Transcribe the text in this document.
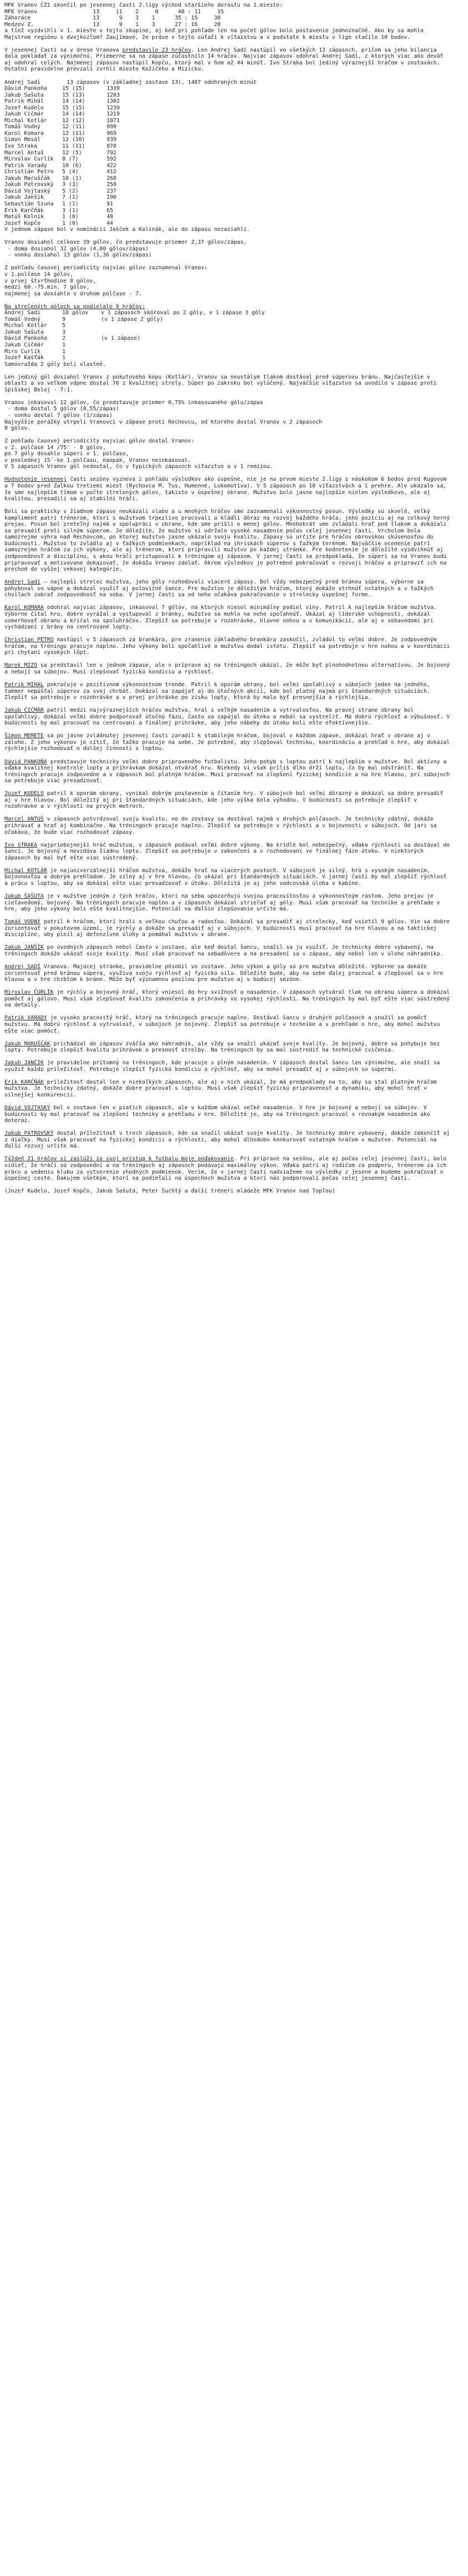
MFK Vranov CZ1 skončil po jesennej časti 2.ligy východ staršieho dorastu na 1.mieste:
MFK Vranov                 13     11    2     0      48 : 11     35
Záhoráce                   13      9    3    1      35 : 15     30
Medzev Z.                  13      9    1    3      27 : 16     28
a tiež vyzdvihli v 1. mieste v tejto skupine, aj keď pri pohľade len na počet gólov bolo postavenie jednoznačné. Ako by sa mohlo
Majstrom regiónu s dvojkozľom? Zaujímavé, že práve v tejto súťaži k víťazstvu a v podstate k miestu v lige stačilo 10 bodov.
V jesennej časti sa v drese Vranova predstavilo 23 hráčov. Len Andrej Sadí nastúpil vo všetkých 13 zápasoch, pričom sa jeho bilancia dala pokladať za výnimočnú. Priemerne sa na zápase zúčastnilo 14 hráčov. Najviac zápasov odohral Andrej Sadí, z ktorých viac ako deväť aj odohral celých. Najmenej zápasov nastúpil Kopčo, ktorý mal v ňom až 44 minút. Ivo Straka bol jediný výraznejší hráčom v zostavách. Ostatní pravidelne prevzali zvrhlí miesto Kožičeho a Mizicku.
Andrej Sadí        13 zápasov (v základnej zostave 13), 1407 odohraných minút
Dávid Pankoňa	15 (15)	1339
Jakub Šašuta	15 (13)	1203
Patrik Mihál	14 (14)	1302
Jozef Kudelo	15 (15)	1239
Jakub Čičmár	14 (14)	1219
Michal Kotlár	12 (12)	1071
Tomáš Vodný	12 (11)	990
Karol Komara	12 (11)	969
Šimon Mesáľ	12 (10)	939
Ivo Straka	11 (11)	870
Marcel Antuš	12 (5)	792
Miroslav Čurlík 8 (7)	592
Patrik Varady	10 (6)	422
Christián Petro 5 (4)	412
Jakub Maruščák 10 (1)	268
Jakub Patrovský 3 (3)	258
Dávid Vojtaský 5 (2)	237
Jakub Janšík	7 (1)	190
Sebastián Szuna 1 (1)	91
Erik Karčňák	3 (1)	65
Matúš Kolník	1 (0)	48
Jozef Kopčo	1 (0)	44
V jednom zápase bol v nominácii Jašček a Kalinák, ale do zápasu nezasiahli.
Vranov dosiahol celkove 39 gólov, čo predstavuje priemer 2,37 gólov/zápas,
- doma dosiahol 32 gólov (4,00 gólov/zápas)
- vonku dosiahol 13 gólov (1,36 gólov/zápas)
Z pohľadu časovej periodicity najviac gólov zaznamenal Vranov:
v 1.polčase 14 gólov,
v prvej štvrťhodine 8 gólov,
medzi 60.-75.min. 7 gólov,
najmenej sa dosiahlo v druhom polčase - 7.
Na strelených góloch sa podielalo 9 hráčov:
Andrej Sadí	18 gólov v 1 zápasoch skóroval po 2 góly, v 1 zápase 3 góly
Tomáš Vodný	9	(v 1 zápase 2 góly)
Michal Kotlár	5
Jakub Šašuta	3
Dávid Pankoňa	2	(v 1 zápase)
Jakub Čičmár	1
Miro Čurlík	1
Jozef Kašťák	1
Samovražda 2 góly boli vlastné.
Len jediný gól dosiahol Vranov z pokutového kopu (Kotlár). Vranov sa neustálym tlakom dostával pred súperovu bránu. Najčastejšie v oblasti a vo veľkom vápne dostal 70 z kvalitnej strely. Súper po zákroku bol vylúčený. Najväčšie víťazstvo sa uvodilo v zápase proti Spišskej Belej - 7:1.
Vranov inkasoval 12 gólov, čo predstavuje priemer 0,75% inkasovaného gólu/zápas
- doma dostal 5 gólov (0,55/zápas)
- vonku dostal 7 gólov (1/zápas)
Najvyššie porážky utrpeli Vranovci v zápase proti Rechovcu, od ktorého dostal Vranov v 2 zápasoch
8 gólov.
Z pohľadu časovej periodicity najviac gólov dostal Vranov:
v 2. polčase 14 /75' - 8 gólov,
po 7 góly dosahlo súperi v 1. polčase,
v poslednej 15´-ke 1.polčasu, naopak, Vranov neinkasoval.
V 5 zápasoch Vranov gól nedostal, čo v typických zápasoch víťazstvo a v 1 remízou.
Hodnotenie jesennej časti sezóny vyzneva z pohľadu výsledkov ako úspešne, nie je na prvom mieste 2.ligy s náskokom 6 bodov pred Rugovom a 7 bodov pred Zalkou tretiemi miest (Rychovca M. Tus, Humenné, Lokomotíva). V 5 zápasoch po 10 víťazstvách a 1 prehre. Ale ukázalo sa, že sme najlepším tímom v počte strelených gólov, takisto v úspešnej obrane. Mužstvo bolo jasne najlepšie nielen výsledkovo, ale aj kvalitou, presadili sa aj stabilní hráči.
Boli sa prakticky v žiadnom zápase neukázali slabo a u mnohých hráčov sme zaznamenali výkonnostný posun. Výsledky sú skvelé, veľký kompliment patrí trénerom, ktorí s mužstvom trpezlivo pracovali a kládli dôraz na rozvoj každého hráča, jeho pozíciu aj na celkový herný prejav. Posun bol zreteľný najmä v spolupráci v obrane, kde sme prišli o menej gólov. Mnohokrát sme zvládali hrať pod tlakom a dokázali sa presadiť proti silným súperom. Je dôležité, že mužstvo si udržalo vysoké nasadenie počas celej jesennej časti. Vrcholom bola samozrejme výhra nad Rechovcom, po ktorej mužstvo jasne ukázalo svoju kvalitu. Zápasy sú určite pre hráčov obrovskou skúsenosťou do budúcnosti. Mužstvo to zvládlo aj v ťažkých podmienkach, napríklad na ihriskách súperov s ťažkým terénom. Najväčšie ocenenie patrí samozrejme hráčom za ich výkony, ale aj trénerom, ktorí pripravili mužstvo po každej stránke. Pre hodnotenie je dôležité vyzdvihnúť aj zodpovednosť a disciplínu, s akou hráči pristupovali k tréningom aj zápasom. V jarnej časti sa predpokladá, že súperi sa na Vranov budú pripravovať a motivovane dokazovať, že dokážu Vranov zdolať. Okrem výsledkov je potrebné pokračovať v rozvoji hráčov a pripraviť ich na prechod do vyššej vekovej kategórie.
Andrej Sadí – najlepší strelec mužstva, jeho góly rozhodovali viaceré zápasy. Bol vždy nebezpečný pred bránou súpera, výborne sa pohyboval vo vápne a dokázal využiť aj polovičné šance. Pre mužstvo je dôležitým hráčom, ktorý dokáže strhnúť ostatných a v ťažkých chvíľach zobrať zodpovednosť na seba. V jarnej časti sa od neho očakáva pokračovanie v strelecky úspešnej forme.
Karol KOMARA odohral najviac zápasov, inkasoval 7 gólov, na ktorých niesol minimálny podiel viny. Patril k najlepším hráčom mužstva. Výborne čítal hru, dobre vyrážal a vystupoval z bránky, mužstvo sa mohlo na neho spoľahnúť. Ukázal aj líderské schopnosti, dokázal usmerňovať obranu a kričal na spoluhráčov. Zlepšiť sa potrebuje v rozohrávke, hlavne nohou a v komunikácii, ale aj v sebavedomí pri vychádzaní z brány na centrované lopty.
Christian PETRO nastúpil v 5 zápasoch za brankára, pre zranenie základného brankára zaskočil, zvládol to veľmi dobre. Je zodpovedným hráčom, na tréningu pracuje naplno. Jeho výkony boli spoľahlivé a mužstvu dodal istotu. Zlepšiť sa potrebuje v hre nohou a v koordinácii pri chytaní vysokých lôpt.
Marek MIZO sa predstavil len v jednom zápase, ale v príprave aj na tréningoch ukázal, že môže byť plnohodnotnou alternatívou. Je bojovný a nebojí sa súbojov. Musí zlepšovať fyzickú kondíciu a rýchlosť.
Patrik MIHAL pokračuje v pozitívnom výkonnostnom trende. Patril k oporám obrany, bol veľmi spoľahlivý v súbojoch jeden na jedného, takmer nepúšťal súperov za svoj chrbát. Dokázal sa zapájať aj do útočných akcií, kde bol platný najmä pri štandardných situáciách. Zlepšiť sa potrebuje v rozohrávke a v prvej prihrávke po zisku lopty, ktorá by mala byť presnejšia a rýchlejšia.
Jakub ČIČMÁR patril medzi najvýraznejších hráčov mužstva, hral s veľkým nasadením a vytrvalosťou. Na pravej strane obrany bol spoľahlivý, dokázal veľmi dobre podporovať útočnú fázu, často sa zapájal do útoku a nebál sa vystreliť. Má dobrú rýchlosť a výbušnosť. V budúcnosti by mal pracovať na centrovaní a finálnej prihrávke, aby jeho nábehy do útoku boli ešte efektívnejšie.
Šimon MEMETE sa po jasne zvládnutej jesennej časti zaradil k stabilným hráčom, bojoval v každom zápase, dokázal hrať v obrane aj v zálohe. Z jeho výkonov je cítiť, že ťažko pracuje na sebe. Je potrebné, aby zlepšoval techniku, koordináciu a prehľad o hre, aby dokázal rýchlejšie rozhodovať o ďalšej činnosti s loptou.
Dávid PANKOŇA predstavuje technicky veľmi dobre pripraveného futbalistu. Jeho pohyb s loptou patrí k najlepším v mužstve. Bol aktívny a vďaka kvalitnej kontrole lopty a prihrávkam dokázal otvárať hru. Niekedy si však príliš dlho drží loptu, čo by mal odstrániť. Na tréningoch pracuje zodpovedne a v zápasoch bol platným hráčom. Musí pracovať na zlepšení fyzickej kondície a na hre hlavou, pri súbojoch sa potrebuje viac presadzovať.
Jozef KUDELO patril k oporám obrany, vynikal dobrým postavením a čítaním hry. V súbojoch bol veľmi dôrazný a dokázal sa dobre presadiť aj v hre hlavou. Bol dôležitý aj pri štandardných situáciách, kde jeho výška bola výhodou. V budúcnosti sa potrebuje zlepšiť v rozohrávke a v rýchlosti na prvých metroch.
Marcel ANTUŠ v zápasoch potvrdzoval svoju kvalitu, no do zostavy sa dostával najmä v druhých polčasoch. Je technicky zdatný, dokáže prihrávať a hrať aj kombinačne. Na tréningoch pracuje naplno. Zlepšiť sa potrebuje v rýchlosti a v bojovnosti v súbojoch. Od jari sa očakáva, že bude viac rozhodovať zápasy.
Ivo STRAKA najpriebojnejší hráč mužstva, v zápasoch podával veľmi dobré výkony. Na krídle bol nebezpečný, vďaka rýchlosti sa dostával do šancí. Je bojovný a nevzdáva žiadnu loptu. Zlepšiť sa potrebuje v zakončení a v rozhodovaní vo finálnej fáze útoku. V niektorých zápasoch by mal byť ešte viac sústredený.
Michal KOTLÁR je najuniverzálnejší hráčom mužstva, dokáže hrať na viacerých postoch. V súbojoch je silný, hrá s vysokým nasadením, bojovnosťou a dobrým prehľadom. Je silný aj v hre hlavou, čo ukázal pri štandardných situáciách. V jarnej časti by mal zlepšiť rýchlosť a prácu s loptou, aby sa dokázal ešte viac presadzovať v útoku. Dôležitá je aj jeho vodcovská úloha v kabíne.
Jakub ŠAŠUTA je v mužstve jedným z tých hráčov, ktorí na seba upozorňujú svojou pracovitosťou a výkonnostným rastom. Jeho prejav je cieľavedomý, bojovný. Na tréningoch pracuje naplno a v zápasoch dokázal strieľať aj góly. Musí však pracovať na technike a prehľade v hre, aby jeho výkony boli ešte kvalitnejšie. Potenciál na ďalšie zlepšovanie určite má.
Tomáš VODNÝ patril k hráčom, ktorí hrali s veľkou chuťou a radosťou. Dokázal sa presadiť aj strelecky, keď vsietil 9 gólov. Vie sa dobre zorientovať v pokutovom území, je rýchly a dokáže sa presadiť aj v súbojoch. V budúcnosti musí pracovať na hre hlavou a na taktickej disciplíne, aby plnil aj defenzívne úlohy a pomáhal mužstvu v obrane.
Jakub JANŠÍK po úvodných zápasoch nebol často v zostave, ale keď dostal šancu, snažil sa ju využiť. Je technicky dobre vybavený, na tréningoch dokáže ukázať svoje kvality. Musí však pracovať na sebadôvere a na presadení sa v zápase, aby nebol len v úlohe náhradníka.
Andrej SADÍ Vranova. Majúcej stránke, pravidelne pôsobil vo zostave. Jeho výkon a góly sú pre mužstvo dôležité. Výborne sa dokáže zorientovať pred bránou súpera, využíva svoju rýchlosť aj fyzickú silu. Dôležité bude, aby na sebe ďalej pracoval a zlepšoval sa v hre hlavou a v hre chrbtom k bráne. Môže byť významnou posilou pre mužstvo aj v budúcej sezóne.
Miroslav ČURLÍK je rýchly a bojovný hráč, ktorý vniesol do hry svižnosť a nasadenie. V zápasoch vytváral tlak na obranu súpera a dokázal pomôcť aj gólovo. Musí však zlepšovať kvalitu zakončenia a prihrávky vo vysokej rýchlosti. Na tréningoch by mal byť ešte viac sústredený na detaily.
Patrik VARADY je vysoko pracovitý hráč, ktorý na tréningoch pracuje naplno. Dostával šancu v druhých polčasoch a snažil sa pomôcť mužstvu. Má dobrú rýchlosť a vytrvalosť, v súbojoch je bojovný. Zlepšiť sa potrebuje v technike a v prehľade o hre, aby mohol mužstvu ešte viac pomôcť.
Jakub MARUŠČÁK prichádzal do zápasov zväčša ako náhradník, ale vždy sa snažil ukázať svoje kvality. Je bojovný, dobre sa pohybuje bez lopty. Potrebuje zlepšiť kvalitu prihrávok a presnosť strelby. Na tréningoch by sa mal sústrediť na technické cvičenia.
Jakub JANČIK je pravidelne prítomný na tréningoch, kde pracuje s plným nasadením. V zápasoch dostal šancu len výnimočne, ale snaží sa využiť každú príležitosť. Potrebuje zlepšiť fyzickú kondíciu a rýchlosť, aby sa mohol presadiť aj v súbojoch so súpermi.
Erik KARČŇÁK príležitosť dostal len v niekoľkých zápasoch, ale aj v nich ukázal, že má predpoklady na to, aby sa stal platným hráčom mužstva. Je technicky zdatný, dokáže dobre pracovať s loptou. Musí však zlepšiť fyzickú pripravenosť a dynamiku, aby mohol hrať v silnejšej konkurencii.
Dávid VOJTASKÝ bol v zostave len v piatich zápasoch, ale v každom ukázal veľké nasadenie. V hre je bojovný a nebojí sa súbojov. V budúcnosti by mal pracovať na zlepšení techniky a prehľadu v hre. Dôležité je, aby na tréningoch pracoval s rovnakým nasadením ako doteraz.
Jakub PATROVSKÝ dostal príležitosť v troch zápasoch, kde sa snažil ukázať svoje kvality. Je technicky dobre vybavený, dokáže zakončiť aj z diaľky. Musí však pracovať na fyzickej kondícii a rýchlosti, aby mohol dlhodobo konkurovať ostatným hráčom v mužstve. Potenciál na ďalší rozvoj určite má.
Týždeň 21 hráčov si zaslúži za svoj prístup k futbalu moje poďakovanie. Pri príprave na sezónu, ale aj počas celej jesennej časti, bolo vidieť, že hráči sú zodpovední a na tréningoch aj zápasoch podávajú maximálny výkon. Vďaka patrí aj rodičom za podporu, trénerom za ich prácu a vedeniu klubu za vytvorenie vhodných podmienok. Verím, že v jarnej časti nadviažeme na výsledky z jesene a budeme pokračovať v úspešnej ceste. Ďakujem všetkým, ktorí sa podieľali na úspechoch mužstva a ktorí nás podporovali počas celej jesennej časti.
(Jozef Kudelo, Jozef Kopčo, Jakub Šašuta, Peter Šuchtý a ďalší tréneri mládeže MFK Vranov nad Topľou)
